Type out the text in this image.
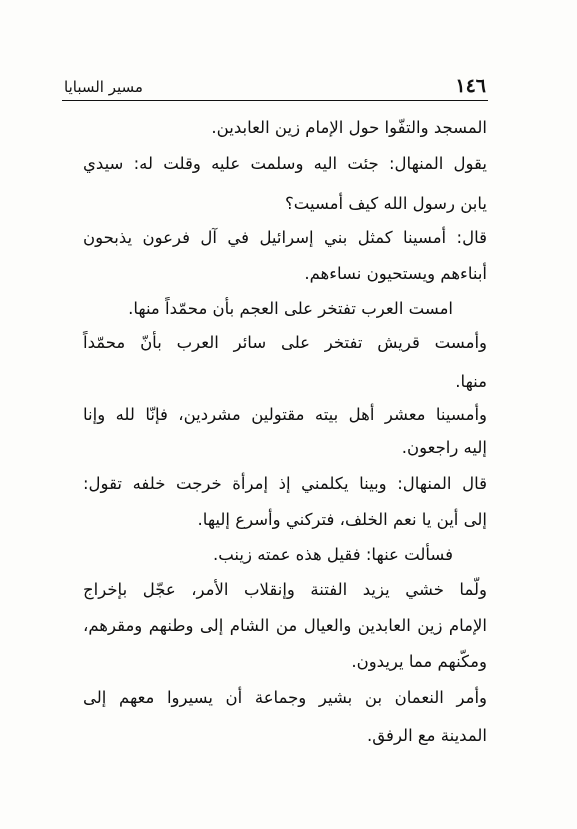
١٤٦
مسير السبايا
المسجد والتفّوا حول الإمام زين العابدين.
يقول المنهال: جئت اليه وسلمت عليه وقلت له: سيدي
يابن رسول الله كيف أمسيت؟
قال: أمسينا كمثل بني إسرائيل في آل فرعون يذبحون
أبناءهم ويستحيون نساءهم.
امست العرب تفتخر على العجم بأن محمّداً منها.
وأمست قريش تفتخر على سائر العرب بأنّ محمّداً
منها.
وأمسينا معشر أهل بيته مقتولين مشردين، فإنّا لله وإنا
إليه راجعون.
قال المنهال: وبينا يكلمني إذ إمرأة خرجت خلفه تقول:
إلى أين يا نعم الخلف، فتركني وأسرع إليها.
فسألت عنها: فقيل هذه عمته زينب.
ولّما خشي يزيد الفتنة وإنقلاب الأمر، عجّل بإخراج
الإمام زين العابدين والعيال من الشام إلى وطنهم ومقرهم،
ومكّنهم مما يريدون.
وأمر النعمان بن بشير وجماعة أن يسيروا معهم إلى
المدينة مع الرفق.
